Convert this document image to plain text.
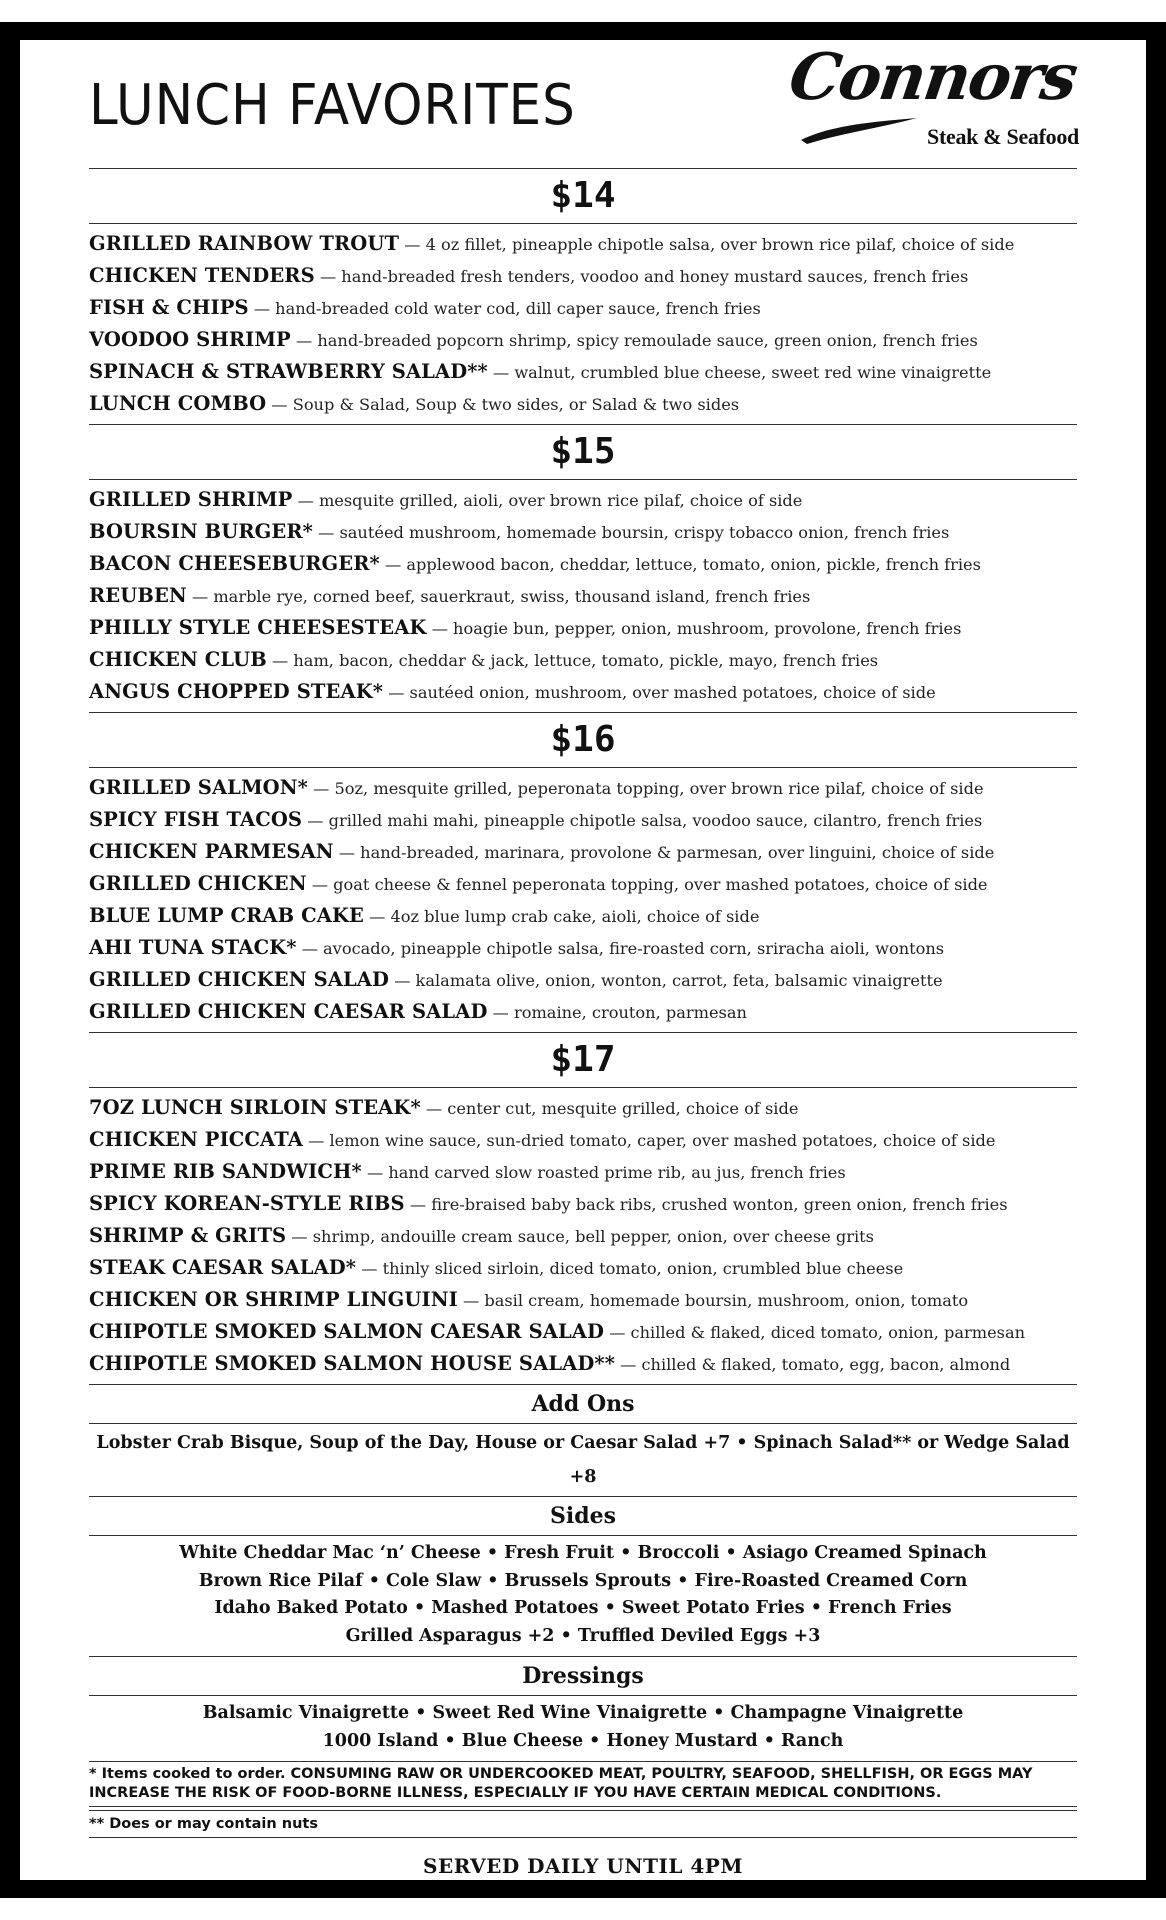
LUNCH FAVORITES	Connors
Steak & Seafood
$14
GRILLED RAINBOW TROUT — 4 oz fillet, pineapple chipotle salsa, over brown rice pilaf, choice of side
CHICKEN TENDERS — hand-breaded fresh tenders, voodoo and honey mustard sauces, french fries
FISH & CHIPS — hand-breaded cold water cod, dill caper sauce, french fries
VOODOO SHRIMP — hand-breaded popcorn shrimp, spicy remoulade sauce, green onion, french fries
SPINACH & STRAWBERRY SALAD** — walnut, crumbled blue cheese, sweet red wine vinaigrette
LUNCH COMBO — Soup & Salad, Soup & two sides, or Salad & two sides
$15
GRILLED SHRIMP — mesquite grilled, aioli, over brown rice pilaf, choice of side
BOURSIN BURGER* — sautéed mushroom, homemade boursin, crispy tobacco onion, french fries
BACON CHEESEBURGER* — applewood bacon, cheddar, lettuce, tomato, onion, pickle, french fries
REUBEN — marble rye, corned beef, sauerkraut, swiss, thousand island, french fries
PHILLY STYLE CHEESESTEAK — hoagie bun, pepper, onion, mushroom, provolone, french fries
CHICKEN CLUB — ham, bacon, cheddar & jack, lettuce, tomato, pickle, mayo, french fries
ANGUS CHOPPED STEAK* — sautéed onion, mushroom, over mashed potatoes, choice of side
$16
GRILLED SALMON* — 5oz, mesquite grilled, peperonata topping, over brown rice pilaf, choice of side
SPICY FISH TACOS — grilled mahi mahi, pineapple chipotle salsa, voodoo sauce, cilantro, french fries
CHICKEN PARMESAN — hand-breaded, marinara, provolone & parmesan, over linguini, choice of side
GRILLED CHICKEN — goat cheese & fennel peperonata topping, over mashed potatoes, choice of side
BLUE LUMP CRAB CAKE — 4oz blue lump crab cake, aioli, choice of side
AHI TUNA STACK* — avocado, pineapple chipotle salsa, fire-roasted corn, sriracha aioli, wontons
GRILLED CHICKEN SALAD — kalamata olive, onion, wonton, carrot, feta, balsamic vinaigrette
GRILLED CHICKEN CAESAR SALAD — romaine, crouton, parmesan
$17
7OZ LUNCH SIRLOIN STEAK* — center cut, mesquite grilled, choice of side
CHICKEN PICCATA — lemon wine sauce, sun-dried tomato, caper, over mashed potatoes, choice of side
PRIME RIB SANDWICH* — hand carved slow roasted prime rib, au jus, french fries
SPICY KOREAN-STYLE RIBS — fire-braised baby back ribs, crushed wonton, green onion, french fries
SHRIMP & GRITS — shrimp, andouille cream sauce, bell pepper, onion, over cheese grits
STEAK CAESAR SALAD* — thinly sliced sirloin, diced tomato, onion, crumbled blue cheese
CHICKEN OR SHRIMP LINGUINI — basil cream, homemade boursin, mushroom, onion, tomato
CHIPOTLE SMOKED SALMON CAESAR SALAD — chilled & flaked, diced tomato, onion, parmesan
CHIPOTLE SMOKED SALMON HOUSE SALAD** — chilled & flaked, tomato, egg, bacon, almond
Add Ons
Lobster Crab Bisque, Soup of the Day, House or Caesar Salad +7 • Spinach Salad** or Wedge Salad +8
Sides
White Cheddar Mac ‘n’ Cheese • Fresh Fruit • Broccoli • Asiago Creamed Spinach
Brown Rice Pilaf • Cole Slaw • Brussels Sprouts • Fire-Roasted Creamed Corn
Idaho Baked Potato • Mashed Potatoes • Sweet Potato Fries • French Fries
Grilled Asparagus +2 • Truffled Deviled Eggs +3
Dressings
Balsamic Vinaigrette • Sweet Red Wine Vinaigrette • Champagne Vinaigrette
1000 Island • Blue Cheese • Honey Mustard • Ranch
* Items cooked to order. CONSUMING RAW OR UNDERCOOKED MEAT, POULTRY, SEAFOOD, SHELLFISH, OR EGGS MAY INCREASE THE RISK OF FOOD-BORNE ILLNESS, ESPECIALLY IF YOU HAVE CERTAIN MEDICAL CONDITIONS.
** Does or may contain nuts
SERVED DAILY UNTIL 4PM
